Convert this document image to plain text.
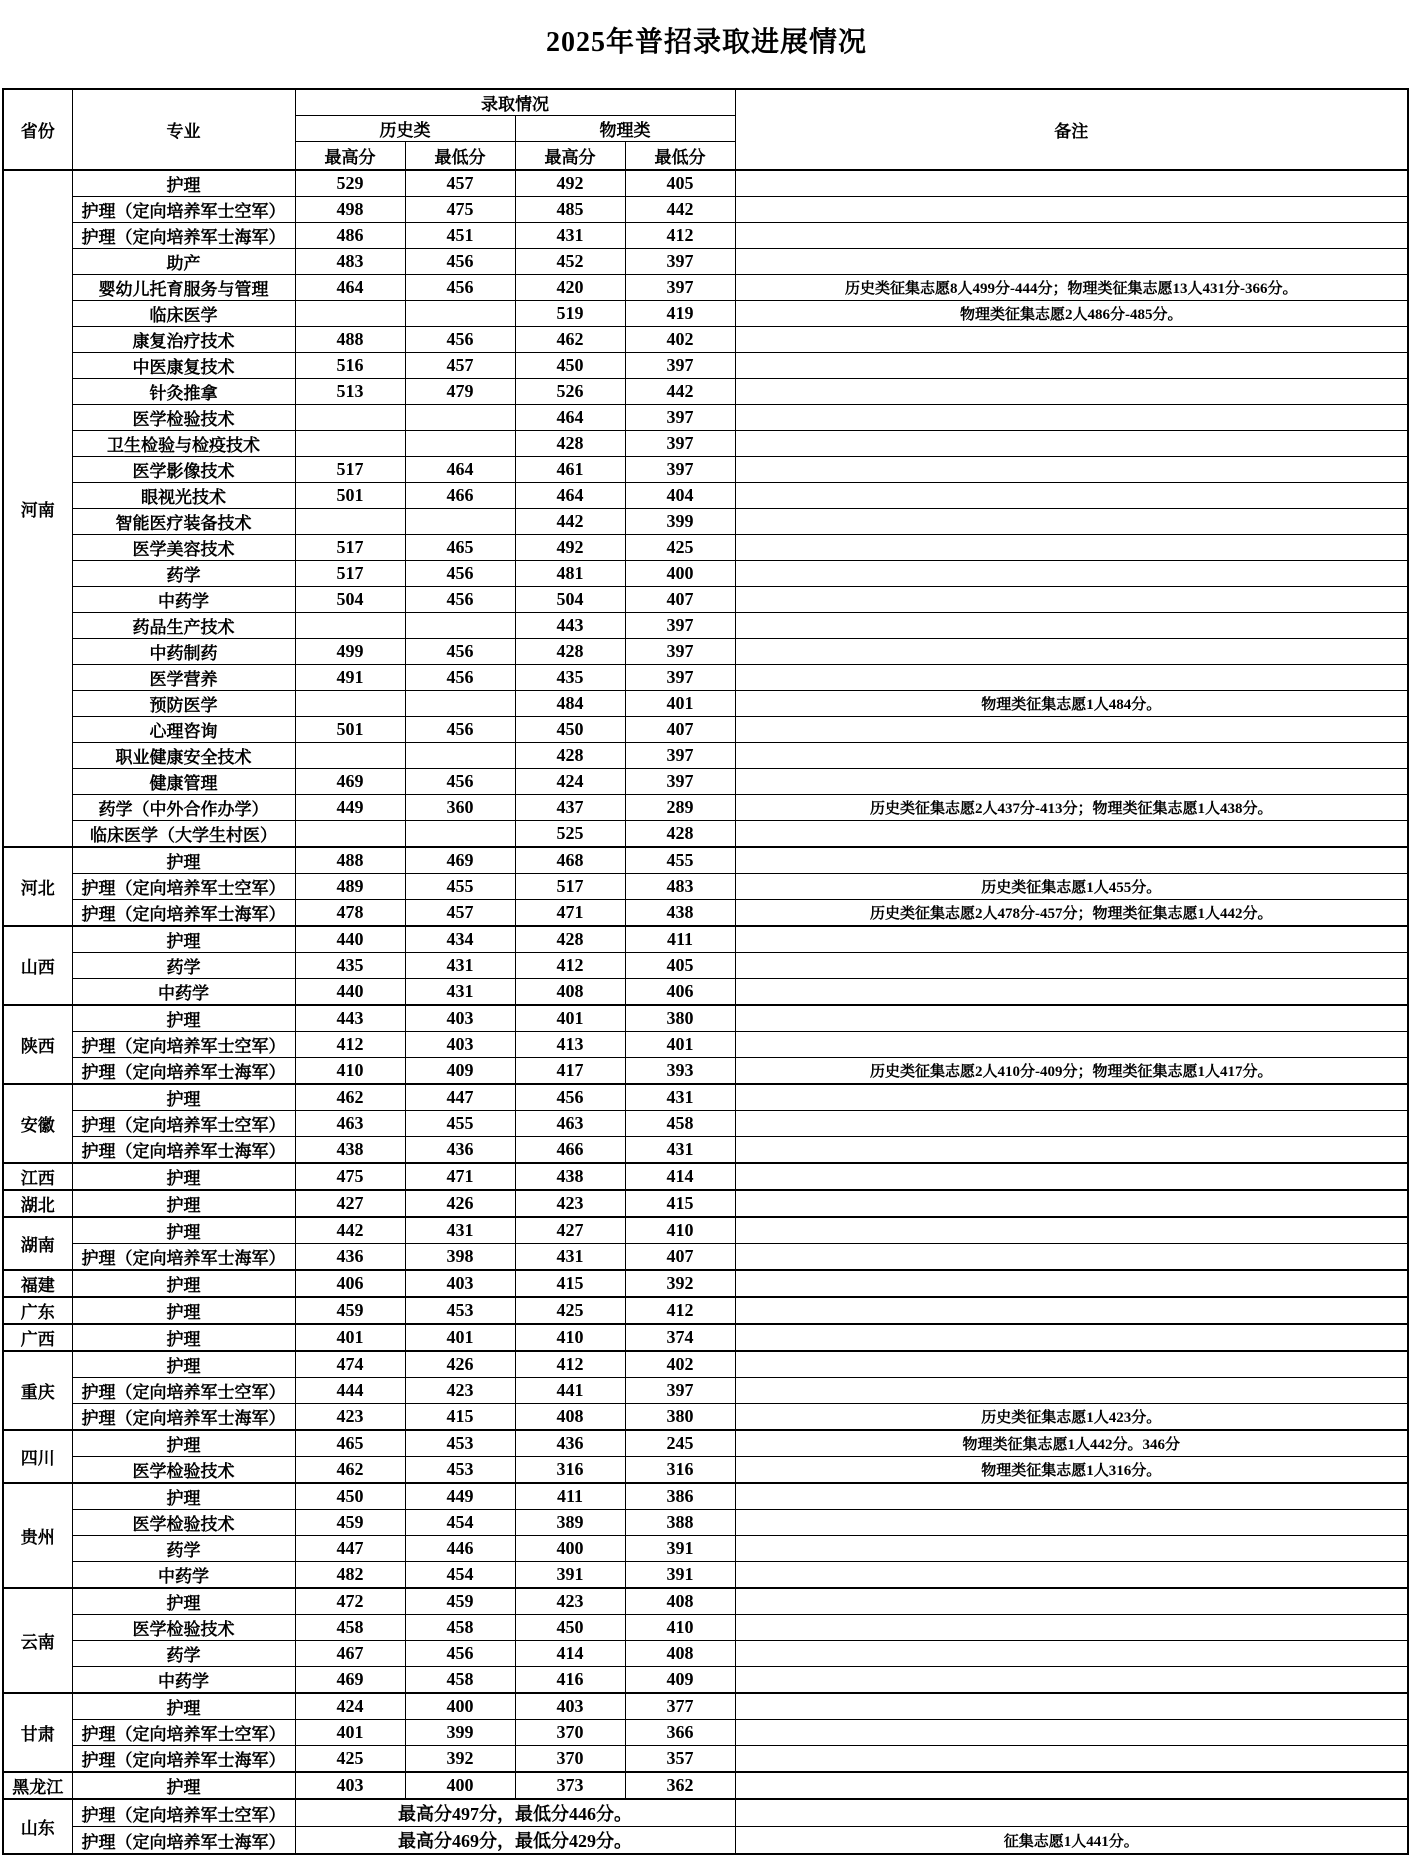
2025年普招录取进展情况
省份	专业	录取情况				备注
		历史类		物理类		
		最高分	最低分	最高分	最低分	
河南	护理	529	457	492	405	
	护理（定向培养军士空军）	498	475	485	442	
	护理（定向培养军士海军）	486	451	431	412	
	助产	483	456	452	397	
	婴幼儿托育服务与管理	464	456	420	397	历史类征集志愿8人499分-444分；物理类征集志愿13人431分-366分。
	临床医学			519	419	物理类征集志愿2人486分-485分。
	康复治疗技术	488	456	462	402	
	中医康复技术	516	457	450	397	
	针灸推拿	513	479	526	442	
	医学检验技术			464	397	
	卫生检验与检疫技术			428	397	
	医学影像技术	517	464	461	397	
	眼视光技术	501	466	464	404	
	智能医疗装备技术			442	399	
	医学美容技术	517	465	492	425	
	药学	517	456	481	400	
	中药学	504	456	504	407	
	药品生产技术			443	397	
	中药制药	499	456	428	397	
	医学营养	491	456	435	397	
	预防医学			484	401	物理类征集志愿1人484分。
	心理咨询	501	456	450	407	
	职业健康安全技术			428	397	
	健康管理	469	456	424	397	
	药学（中外合作办学）	449	360	437	289	历史类征集志愿2人437分-413分；物理类征集志愿1人438分。
	临床医学（大学生村医）			525	428	
河北	护理	488	469	468	455	
	护理（定向培养军士空军）	489	455	517	483	历史类征集志愿1人455分。
	护理（定向培养军士海军）	478	457	471	438	历史类征集志愿2人478分-457分；物理类征集志愿1人442分。
山西	护理	440	434	428	411	
	药学	435	431	412	405	
	中药学	440	431	408	406	
陕西	护理	443	403	401	380	
	护理（定向培养军士空军）	412	403	413	401	
	护理（定向培养军士海军）	410	409	417	393	历史类征集志愿2人410分-409分；物理类征集志愿1人417分。
安徽	护理	462	447	456	431	
	护理（定向培养军士空军）	463	455	463	458	
	护理（定向培养军士海军）	438	436	466	431	
江西	护理	475	471	438	414	
湖北	护理	427	426	423	415	
湖南	护理	442	431	427	410	
	护理（定向培养军士海军）	436	398	431	407	
福建	护理	406	403	415	392	
广东	护理	459	453	425	412	
广西	护理	401	401	410	374	
重庆	护理	474	426	412	402	
	护理（定向培养军士空军）	444	423	441	397	
	护理（定向培养军士海军）	423	415	408	380	历史类征集志愿1人423分。
四川	护理	465	453	436	245	物理类征集志愿1人442分。346分
	医学检验技术	462	453	316	316	物理类征集志愿1人316分。
贵州	护理	450	449	411	386	
	医学检验技术	459	454	389	388	
	药学	447	446	400	391	
	中药学	482	454	391	391	
云南	护理	472	459	423	408	
	医学检验技术	458	458	450	410	
	药学	467	456	414	408	
	中药学	469	458	416	409	
甘肃	护理	424	400	403	377	
	护理（定向培养军士空军）	401	399	370	366	
	护理（定向培养军士海军）	425	392	370	357	
黑龙江	护理	403	400	373	362	
山东	护理（定向培养军士空军）	最高分497分，最低分446分。				
	护理（定向培养军士海军）	最高分469分，最低分429分。				征集志愿1人441分。
